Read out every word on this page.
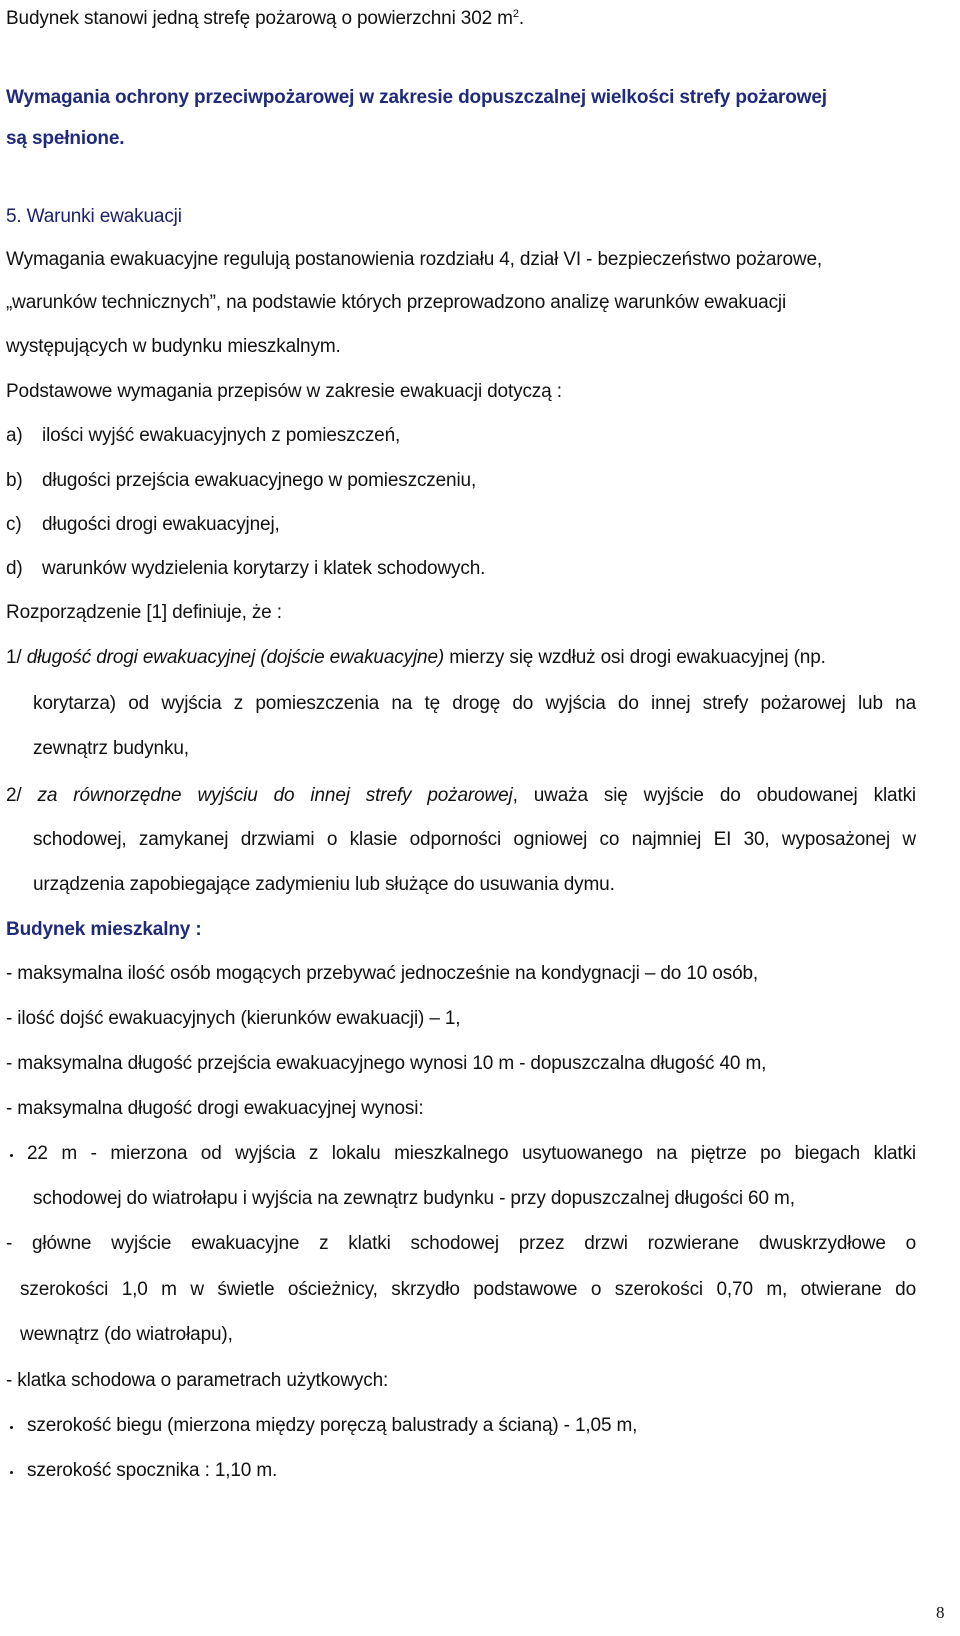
Budynek stanowi jedną strefę pożarową o powierzchni 302 $m^2$.
Wymagania ochrony przeciwpożarowej w zakresie dopuszczalnej wielkości strefy pożarowej
są spełnione.
5. Warunki ewakuacji
Wymagania ewakuacyjne regulują postanowienia rozdziału 4, dział VI - bezpieczeństwo pożarowe,
„warunków technicznych”, na podstawie których przeprowadzono analizę warunków ewakuacji
występujących w budynku mieszkalnym.
Podstawowe wymagania przepisów w zakresie ewakuacji dotyczą :
a) ilości wyjść ewakuacyjnych z pomieszczeń,
b) długości przejścia ewakuacyjnego w pomieszczeniu,
c) długości drogi ewakuacyjnej,
d) warunków wydzielenia korytarzy i klatek schodowych.
Rozporządzenie [1] definiuje, że :
1/ długość drogi ewakuacyjnej (dojście ewakuacyjne) mierzy się wzdłuż osi drogi ewakuacyjnej (np.
korytarza) od wyjścia z pomieszczenia na tę drogę do wyjścia do innej strefy pożarowej lub na
zewnątrz budynku,
2/ za równorzędne wyjściu do innej strefy pożarowej, uważa się wyjście do obudowanej klatki
schodowej, zamykanej drzwiami o klasie odporności ogniowej co najmniej EI 30, wyposażonej w
urządzenia zapobiegające zadymieniu lub służące do usuwania dymu.
Budynek mieszkalny :
- maksymalna ilość osób mogących przebywać jednocześnie na kondygnacji – do 10 osób,
- ilość dojść ewakuacyjnych (kierunków ewakuacji) – 1,
- maksymalna długość przejścia ewakuacyjnego wynosi 10 m - dopuszczalna długość 40 m,
- maksymalna długość drogi ewakuacyjnej wynosi:
22 m - mierzona od wyjścia z lokalu mieszkalnego usytuowanego na piętrze po biegach klatki
schodowej do wiatrołapu i wyjścia na zewnątrz budynku - przy dopuszczalnej długości 60 m,
- główne wyjście ewakuacyjne z klatki schodowej przez drzwi rozwierane dwuskrzydłowe o
szerokości 1,0 m w świetle ościeżnicy, skrzydło podstawowe o szerokości 0,70 m, otwierane do
wewnątrz (do wiatrołapu),
- klatka schodowa o parametrach użytkowych:
szerokość biegu (mierzona między poręczą balustrady a ścianą) - 1,05 m,
szerokość spocznika : 1,10 m.
8
